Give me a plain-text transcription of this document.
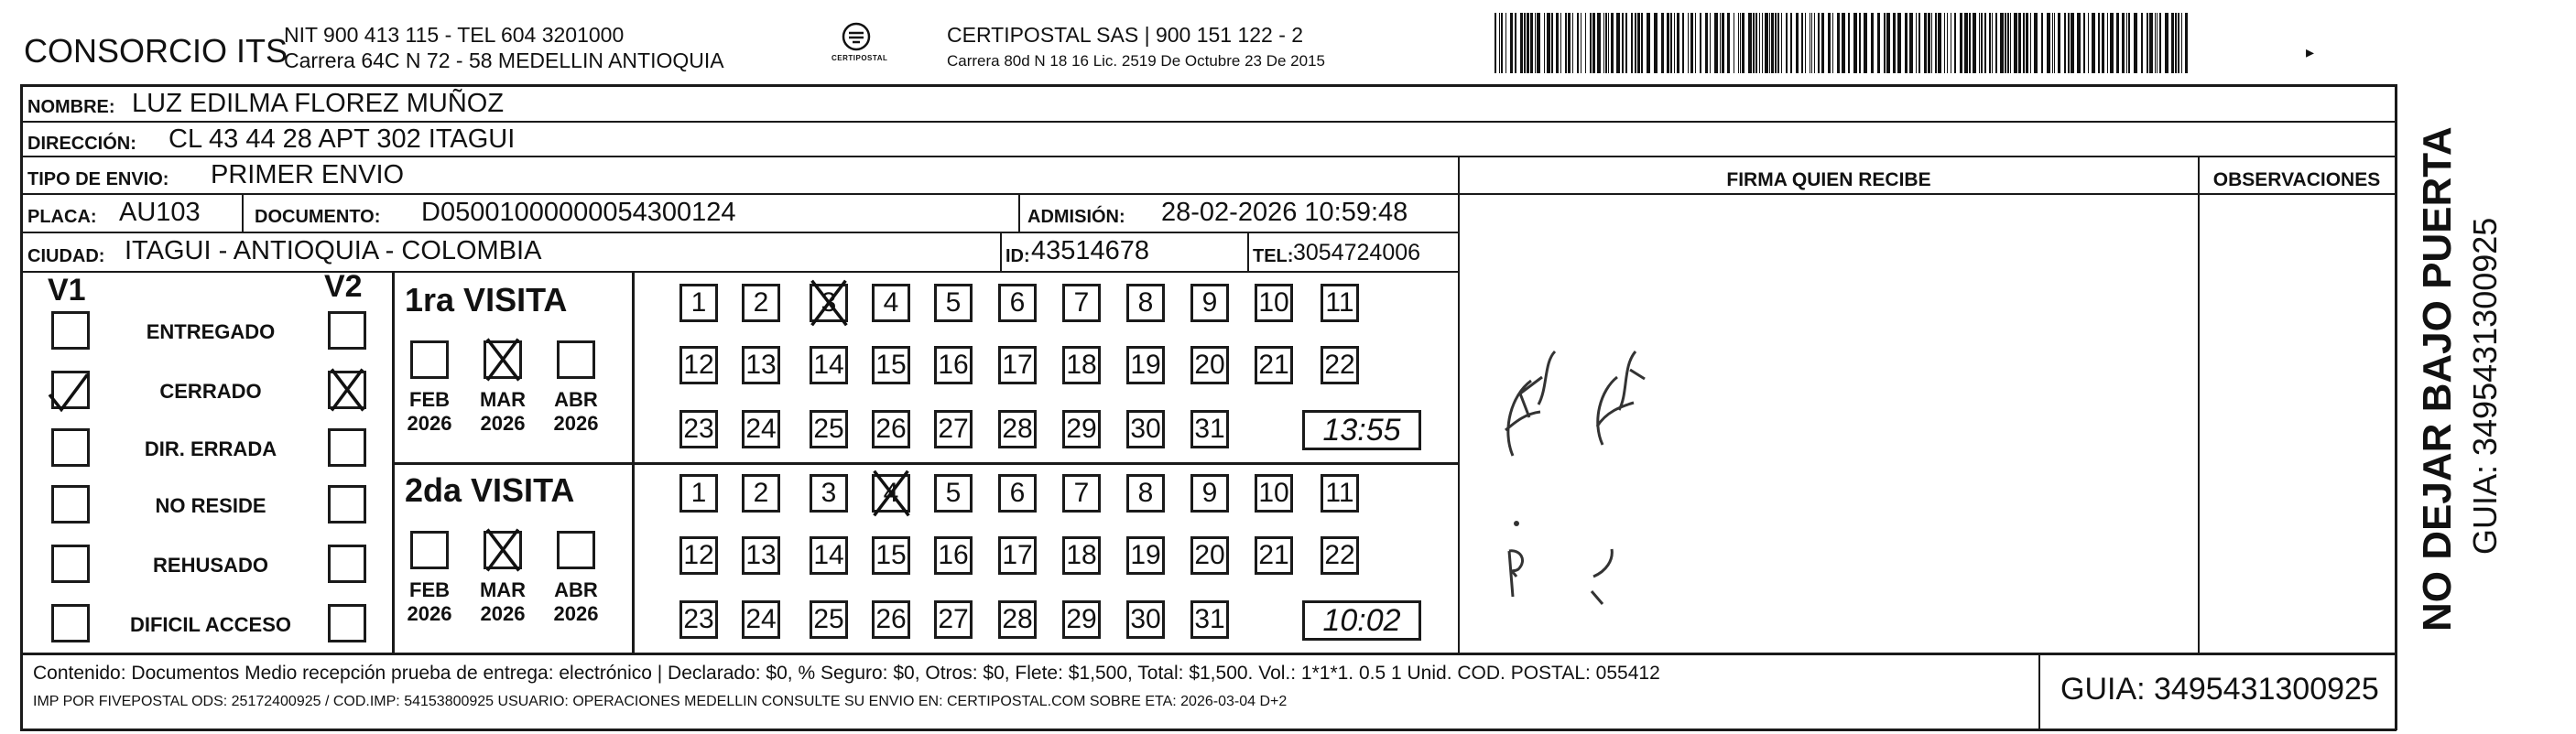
CONSORCIO ITS
NIT 900 413 115 - TEL 604 3201000
Carrera 64C N 72 - 58 MEDELLIN ANTIOQUIA	CERTIPOSTAL
CERTIPOSTAL SAS | 900 151 122 - 2
Carrera 80d N 18 16 Lic. 2519 De Octubre 23 De 2015	▸
NOMBRE: LUZ EDILMA FLOREZ MUÑOZ
DIRECCIÓN: CL 43 44 28 APT 302 ITAGUI
TIPO DE ENVIO: PRIMER ENVIO	FIRMA QUIEN RECIBE	OBSERVACIONES
PLACA: AU103	DOCUMENTO: D05001000000054300124	ADMISIÓN: 28-02-2026 10:59:48
CIUDAD: ITAGUI - ANTIOQUIA - COLOMBIA	ID: 43514678	TEL: 3054724006
V1	V2
ENTREGADO
CERRADO
DIR. ERRADA
NO RESIDE
REHUSADO
DIFICIL ACCESO
1ra VISITA
FEB
2026
MAR
2026
ABR
2026
1	2	3	4	5	6	7	8	9	10 11
12 13 14 15 16 17 18 19 20 21 22
23 24 25 26 27 28 29 30 31	13:55
2da VISITA
FEB
2026
MAR
2026
ABR
2026
1	2	3	4	5	6	7	8	9	10 11
12 13 14 15 16 17 18 19 20 21 22
23 24 25 26 27 28 29 30 31	10:02
Contenido: Documentos Medio recepción prueba de entrega: electrónico | Declarado: $0, % Seguro: $0, Otros: $0, Flete: $1,500, Total: $1,500. Vol.: 1*1*1. 0.5 1 Unid. COD. POSTAL: 055412
IMP POR FIVEPOSTAL ODS: 25172400925 / COD.IMP: 54153800925 USUARIO: OPERACIONES MEDELLIN CONSULTE SU ENVIO EN: CERTIPOSTAL.COM SOBRE ETA: 2026-03-04 D+2	GUIA: 3495431300925
NO DEJAR BAJO PUERTA GUIA: 3495431300925
